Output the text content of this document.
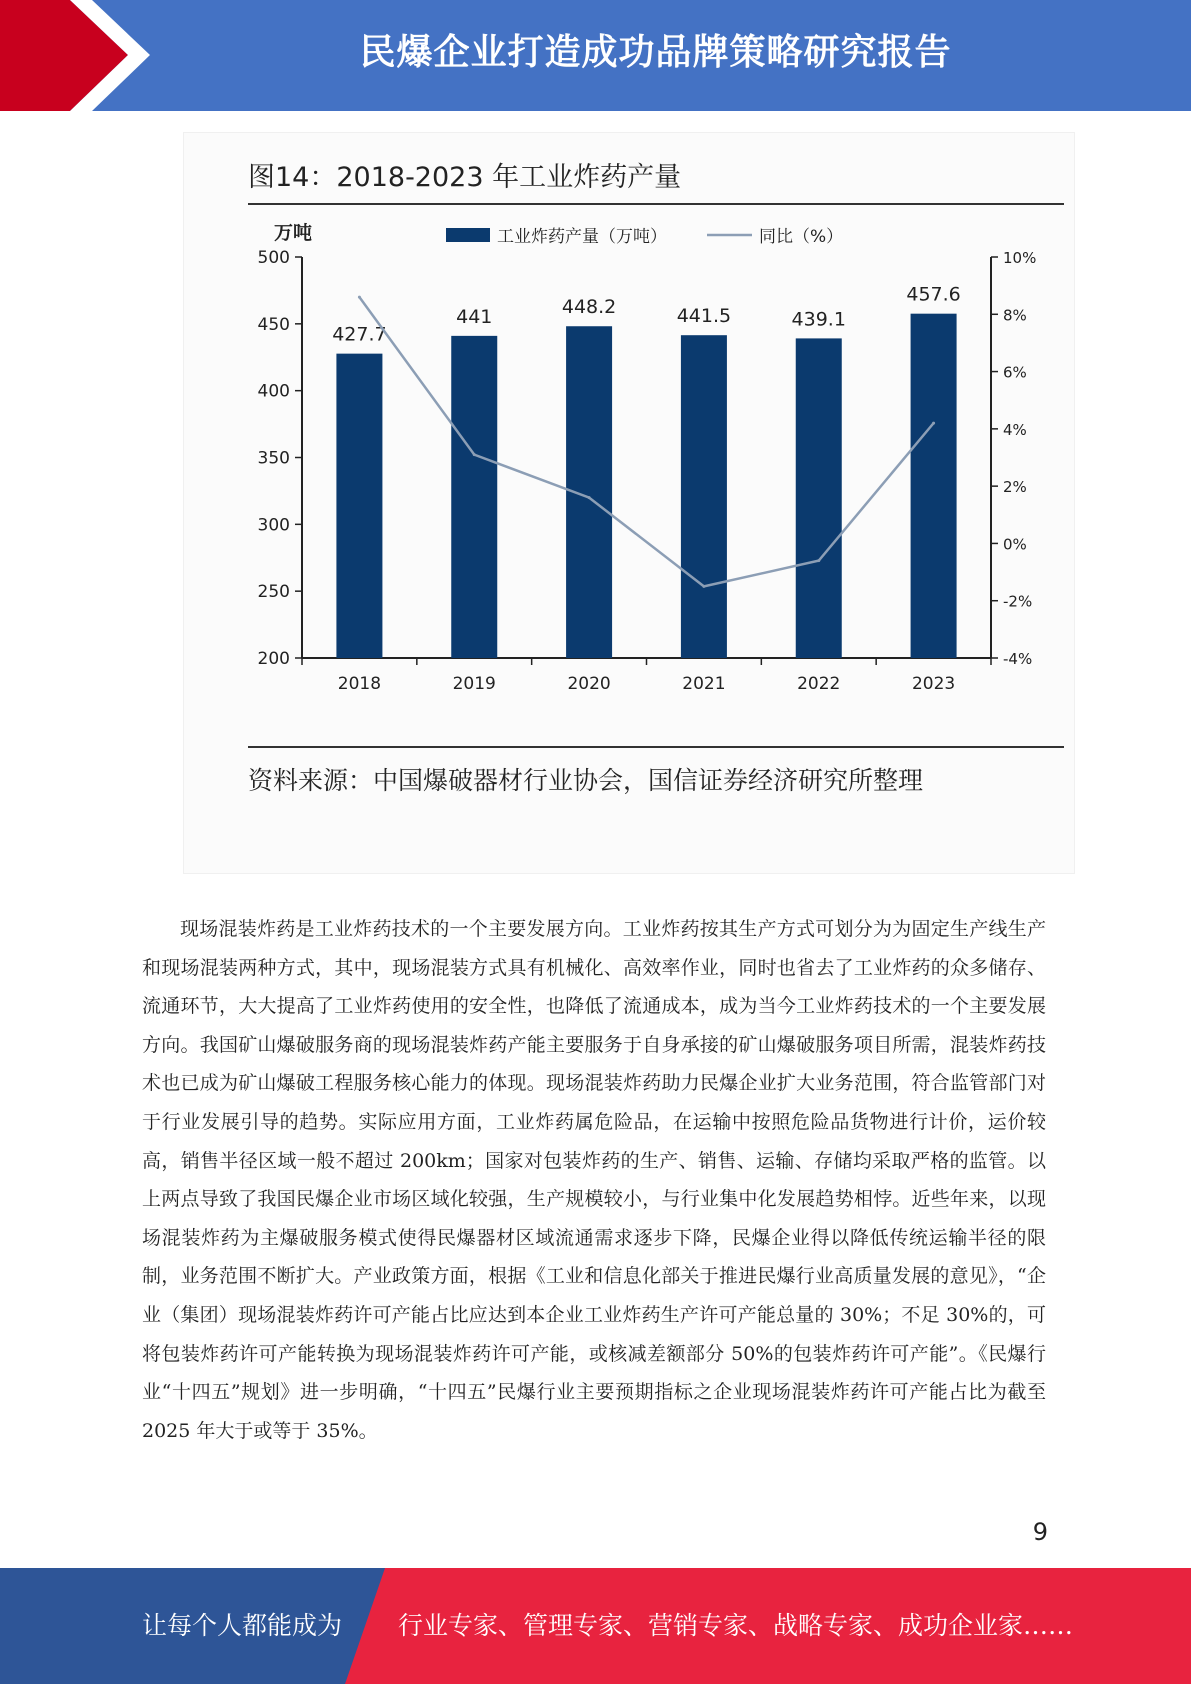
民爆企业打造成功品牌策略研究报告
图14：2018-2023 年工业炸药产量
200
250
300
350
400
450
500
-4%
-2%
0%
2%
4%
6%
8%
10%
2018	2019	2020	2021	2022	2023
万吨
427.7
441	448.2	441.5	439.1
457.6
工业炸药产量（万吨）	同比（%）
资料来源：中国爆破器材行业协会，国信证券经济研究所整理

现场混装炸药是工业炸药技术的一个主要发展方向。工业炸药按其生产方式可划分为为固定生产线生产和现场混装两种方式，其中，现场混装方式具有机械化、高效率作业，同时也省去了工业炸药的众多储存、流通环节，大大提高了工业炸药使用的安全性，也降低了流通成本，成为当今工业炸药技术的一个主要发展方向。我国矿山爆破服务商的现场混装炸药产能主要服务于自身承接的矿山爆破服务项目所需，混装炸药技术也已成为矿山爆破工程服务核心能力的体现。现场混装炸药助力民爆企业扩大业务范围，符合监管部门对于行业发展引导的趋势。实际应用方面，工业炸药属危险品，在运输中按照危险品货物进行计价，运价较高，销售半径区域一般不超过 200km；国家对包装炸药的生产、销售、运输、存储均采取严格的监管。以上两点导致了我国民爆企业市场区域化较强，生产规模较小，与行业集中化发展趋势相悖。近些年来，以现场混装炸药为主爆破服务模式使得民爆器材区域流通需求逐步下降，民爆企业得以降低传统运输半径的限制，业务范围不断扩大。产业政策方面，根据《工业和信息化部关于推进民爆行业高质量发展的意见》，“企业（集团）现场混装炸药许可产能占比应达到本企业工业炸药生产许可产能总量的 30%；不足 30%的，可将包装炸药许可产能转换为现场混装炸药许可产能，或核减差额部分 50%的包装炸药许可产能”。《民爆行业“十四五”规划》进一步明确，“十四五”民爆行业主要预期指标之企业现场混装炸药许可产能占比为截至 2025 年大于或等于 35%。

9
让每个人都能成为 行业专家、管理专家、营销专家、战略专家、成功企业家……
